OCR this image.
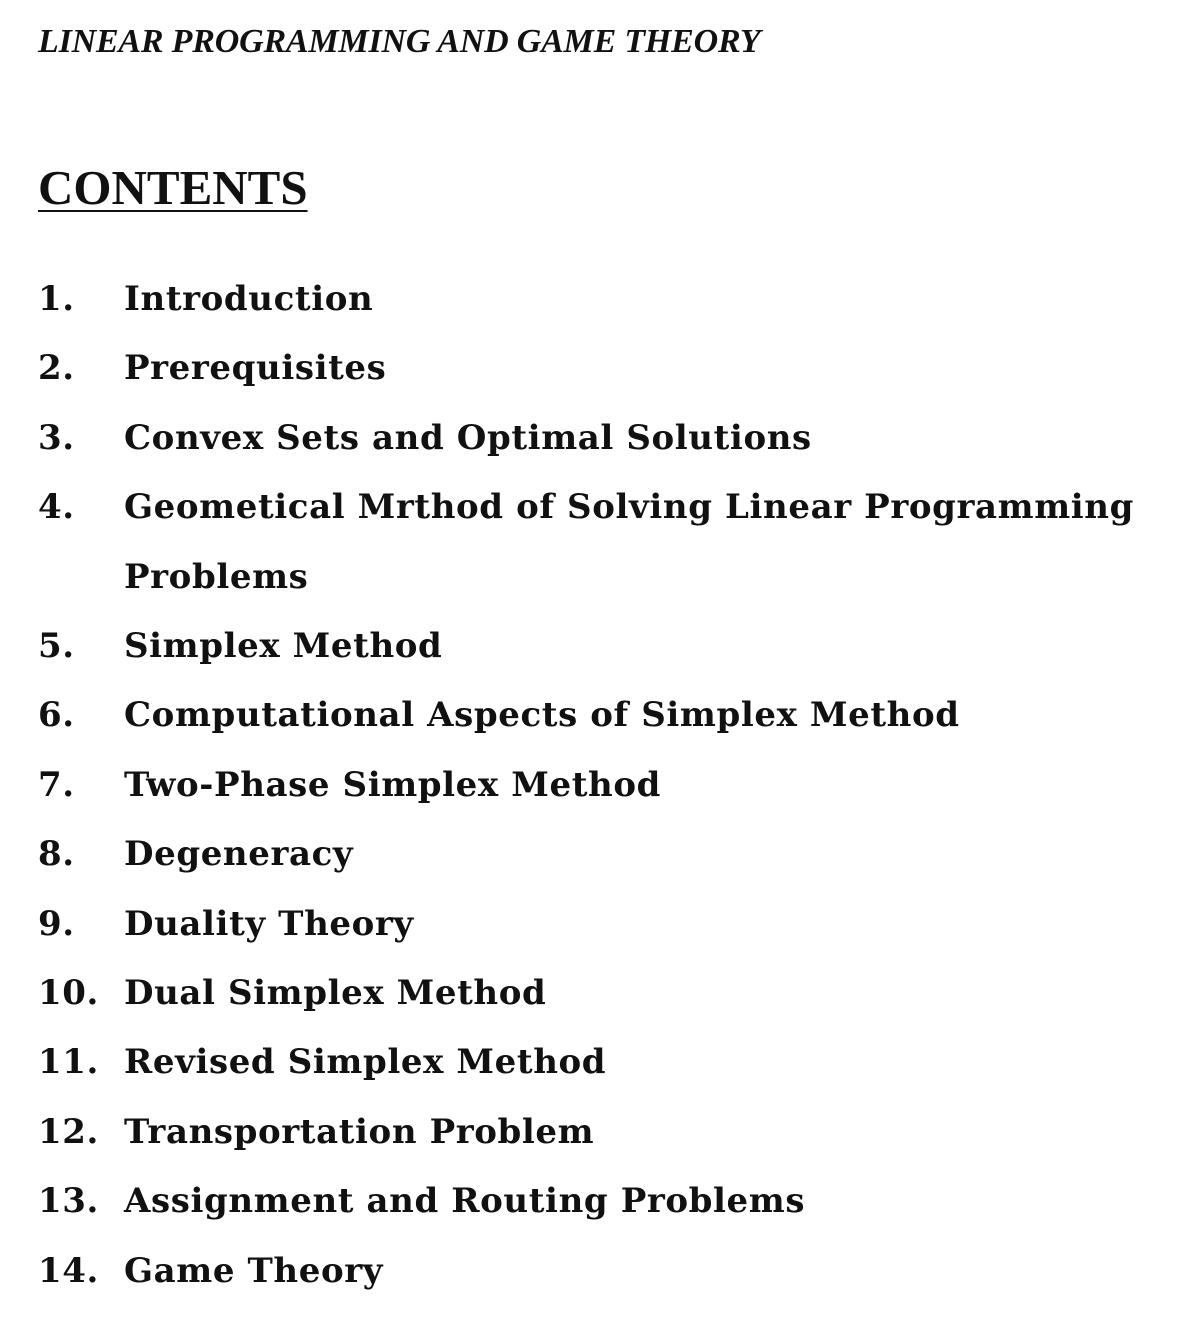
LINEAR PROGRAMMING AND GAME THEORY
CONTENTS
1.	Introduction
2.	Prerequisites
3.	Convex Sets and Optimal Solutions
4.	Geometical Mrthod of Solving Linear Programming Problems
5.	Simplex Method
6.	Computational Aspects of Simplex Method
7.	Two-Phase Simplex Method
8.	Degeneracy
9.	Duality Theory
10. Dual Simplex Method
11. Revised Simplex Method
12. Transportation Problem
13. Assignment and Routing Problems
14. Game Theory
